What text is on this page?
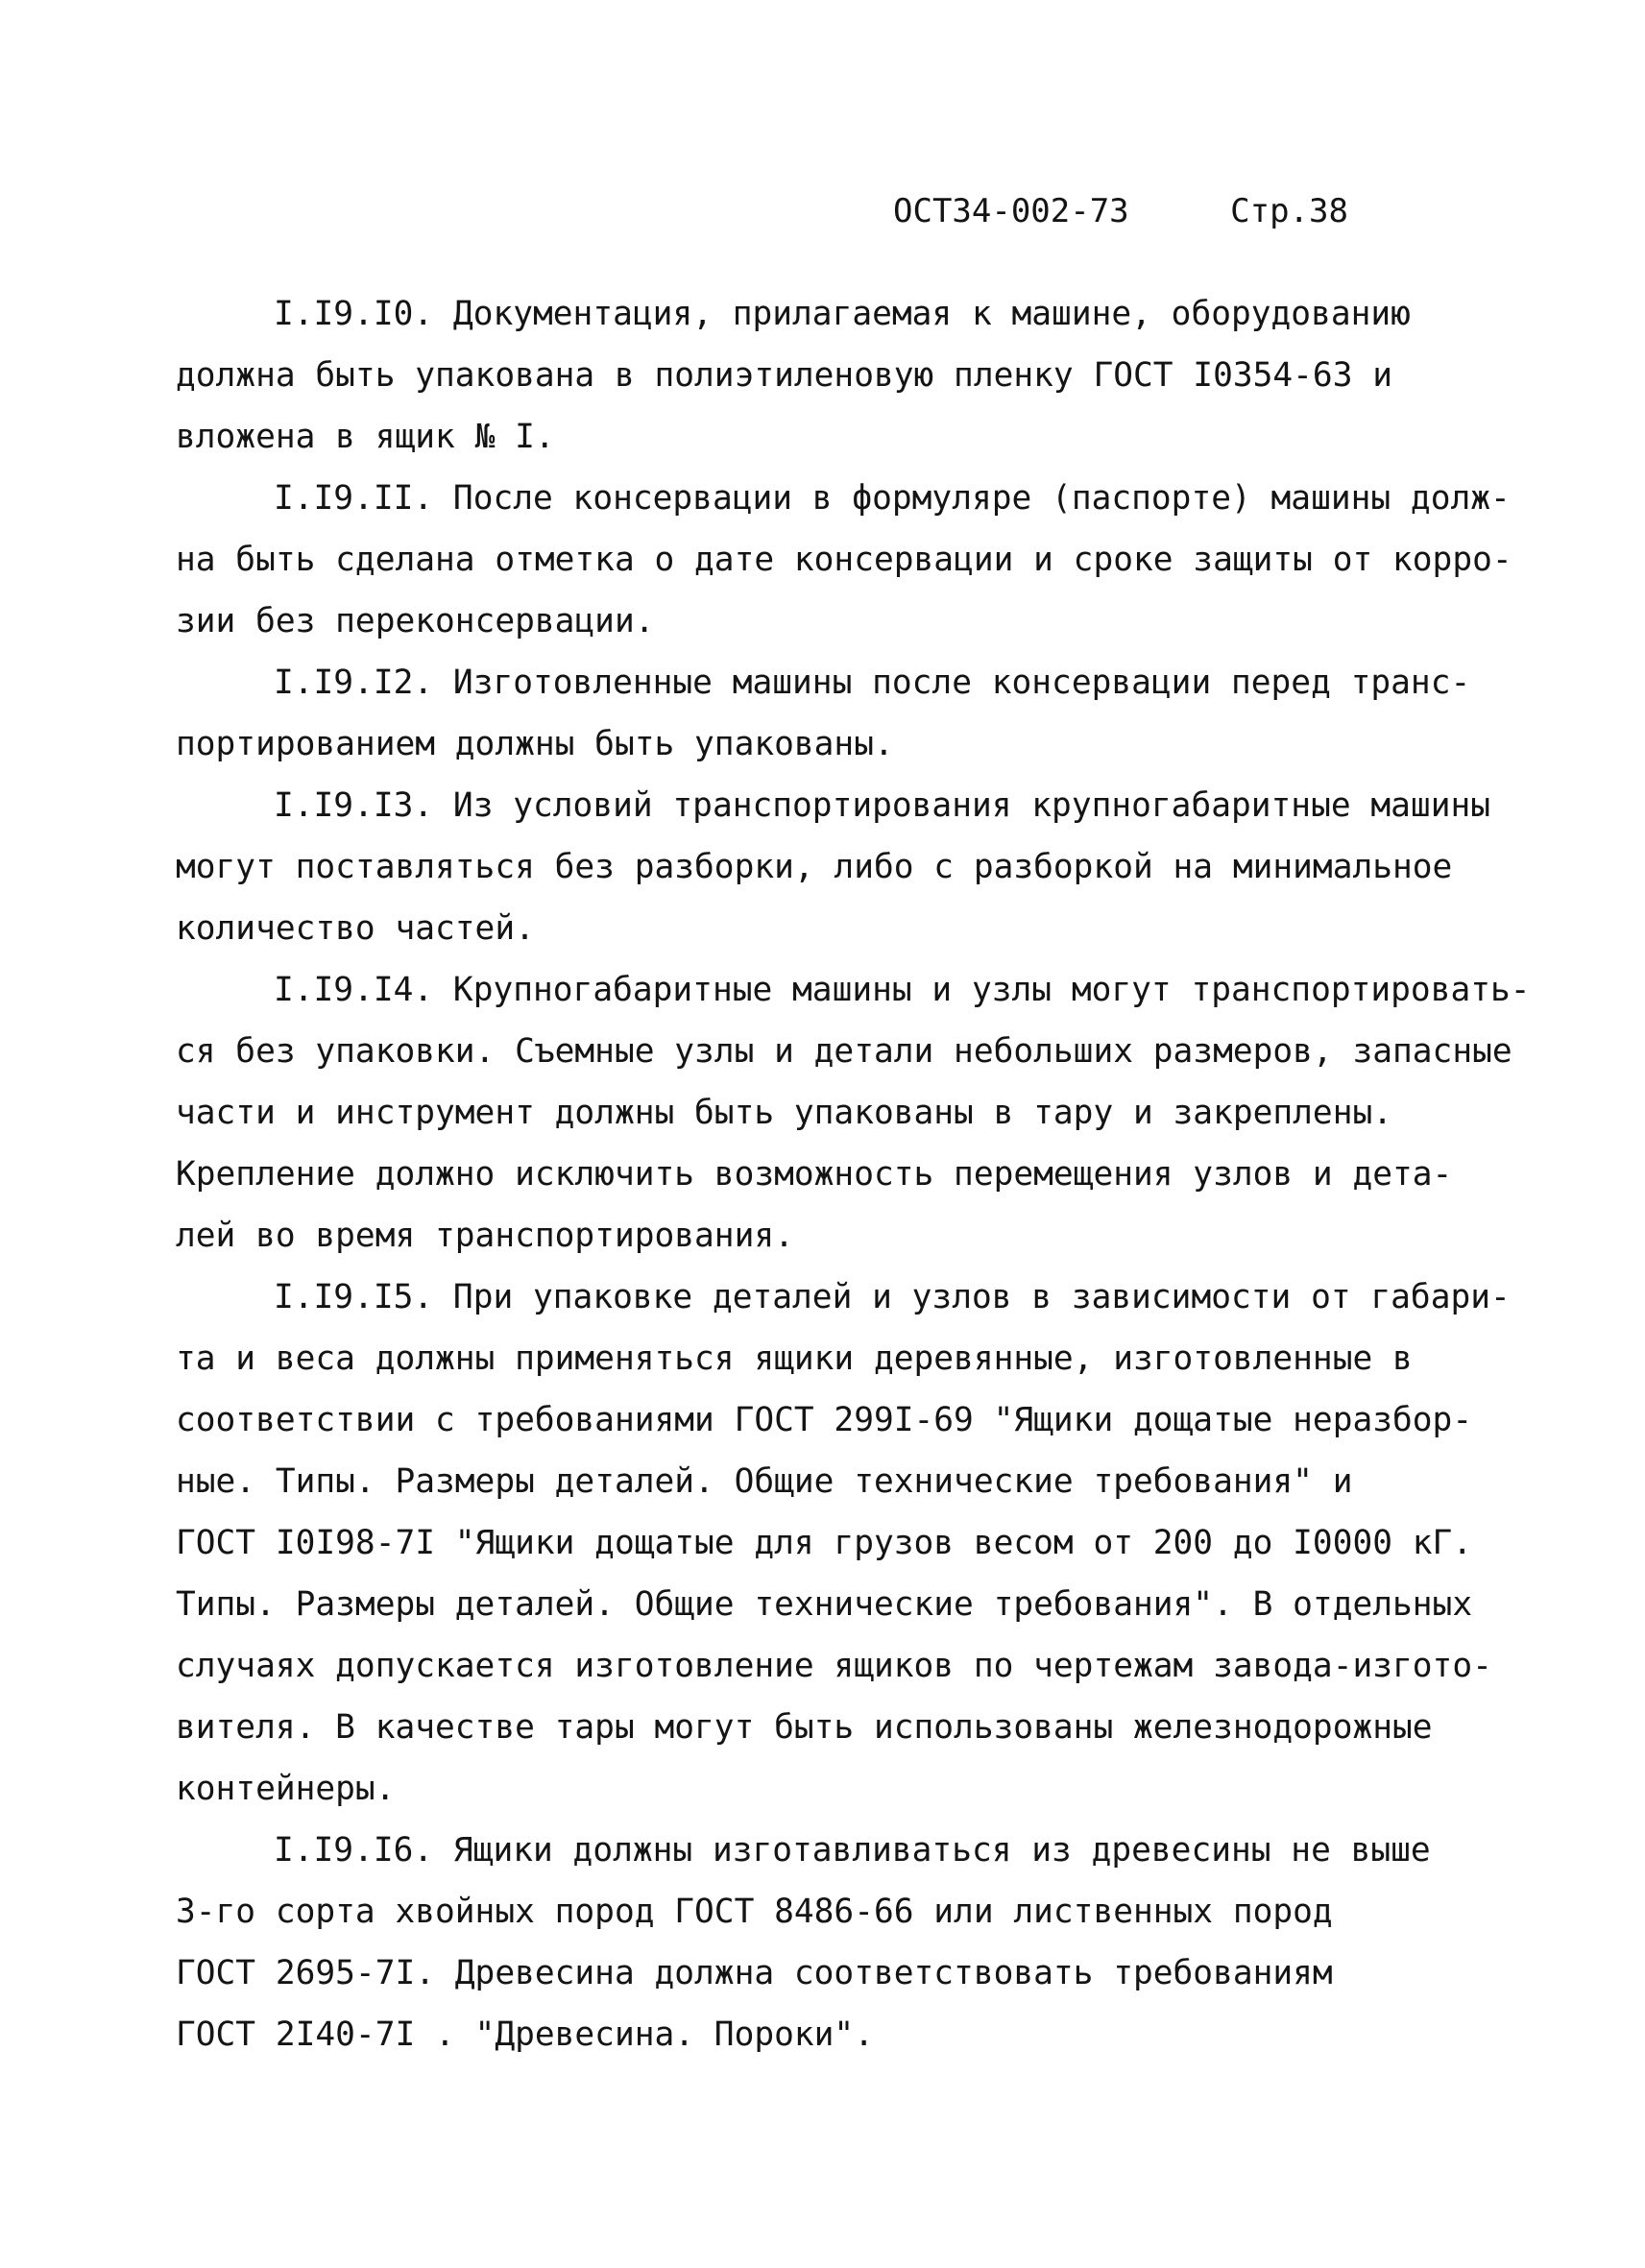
ОСТ34-002-73	Стр.38
I.I9.I0. Документация, прилагаемая к машине, оборудованию
должна быть упакована в полиэтиленовую пленку ГОСТ I0354-63 и
вложена в ящик № I.
I.I9.II. После консервации в формуляре (паспорте) машины долж-
на быть сделана отметка о дате консервации и сроке защиты от корро-
зии без переконсервации.
I.I9.I2. Изготовленные машины после консервации перед транс-
портированием должны быть упакованы.
I.I9.I3. Из условий транспортирования крупногабаритные машины
могут поставляться без разборки, либо с разборкой на минимальное
количество частей.
I.I9.I4. Крупногабаритные машины и узлы могут транспортировать-
ся без упаковки. Съемные узлы и детали небольших размеров, запасные
части и инструмент должны быть упакованы в тару и закреплены.
Крепление должно исключить возможность перемещения узлов и дета-
лей во время транспортирования.
I.I9.I5. При упаковке деталей и узлов в зависимости от габари-
та и веса должны применяться ящики деревянные, изготовленные в
соответствии с требованиями ГОСТ 299I-69 "Ящики дощатые неразбор-
ные. Типы. Размеры деталей. Общие технические требования" и
ГОСТ I0I98-7I "Ящики дощатые для грузов весом от 200 до I0000 кГ.
Типы. Размеры деталей. Общие технические требования". В отдельных
случаях допускается изготовление ящиков по чертежам завода-изгото-
вителя. В качестве тары могут быть использованы железнодорожные
контейнеры.
I.I9.I6. Ящики должны изготавливаться из древесины не выше
3-го сорта хвойных пород ГОСТ 8486-66 или лиственных пород
ГОСТ 2695-7I. Древесина должна соответствовать требованиям
ГОСТ 2I40-7I . "Древесина. Пороки".
